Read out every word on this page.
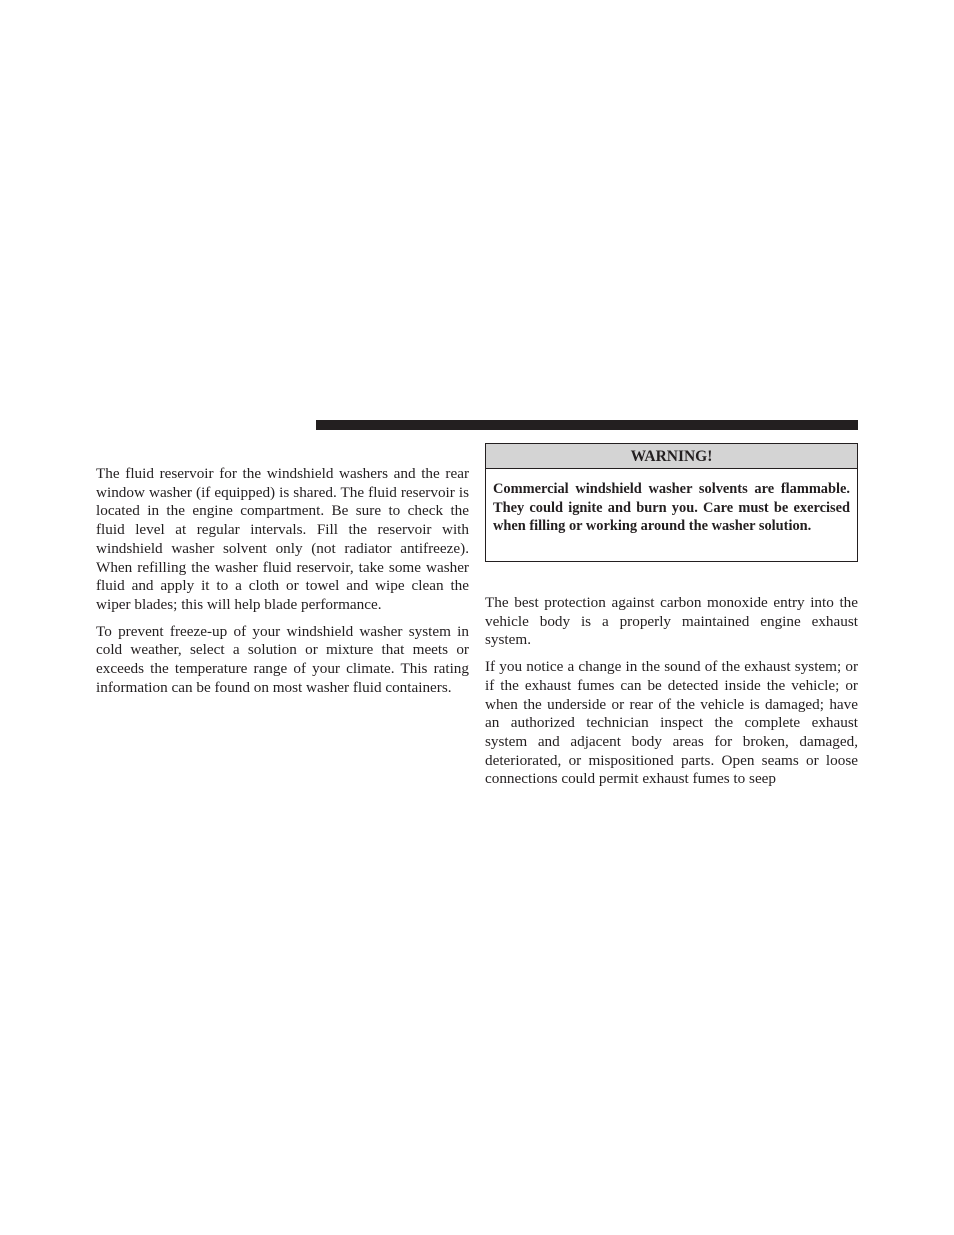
The fluid reservoir for the windshield washers and the rear window washer (if equipped) is shared. The fluid reservoir is located in the engine compartment. Be sure to check the fluid level at regular intervals. Fill the reservoir with windshield washer solvent only (not radiator antifreeze). When refilling the washer fluid reservoir, take some washer fluid and apply it to a cloth or towel and wipe clean the wiper blades; this will help blade performance.

To prevent freeze-up of your windshield washer system in cold weather, select a solution or mixture that meets or exceeds the temperature range of your climate. This rating information can be found on most washer fluid containers.

WARNING!
Commercial windshield washer solvents are flammable. They could ignite and burn you. Care must be exercised when filling or working around the washer solution.

The best protection against carbon monoxide entry into the vehicle body is a properly maintained engine exhaust system.

If you notice a change in the sound of the exhaust system; or if the exhaust fumes can be detected inside the vehicle; or when the underside or rear of the vehicle is damaged; have an authorized technician inspect the complete exhaust system and adjacent body areas for broken, damaged, deteriorated, or mispositioned parts. Open seams or loose connections could permit exhaust fumes to seep
